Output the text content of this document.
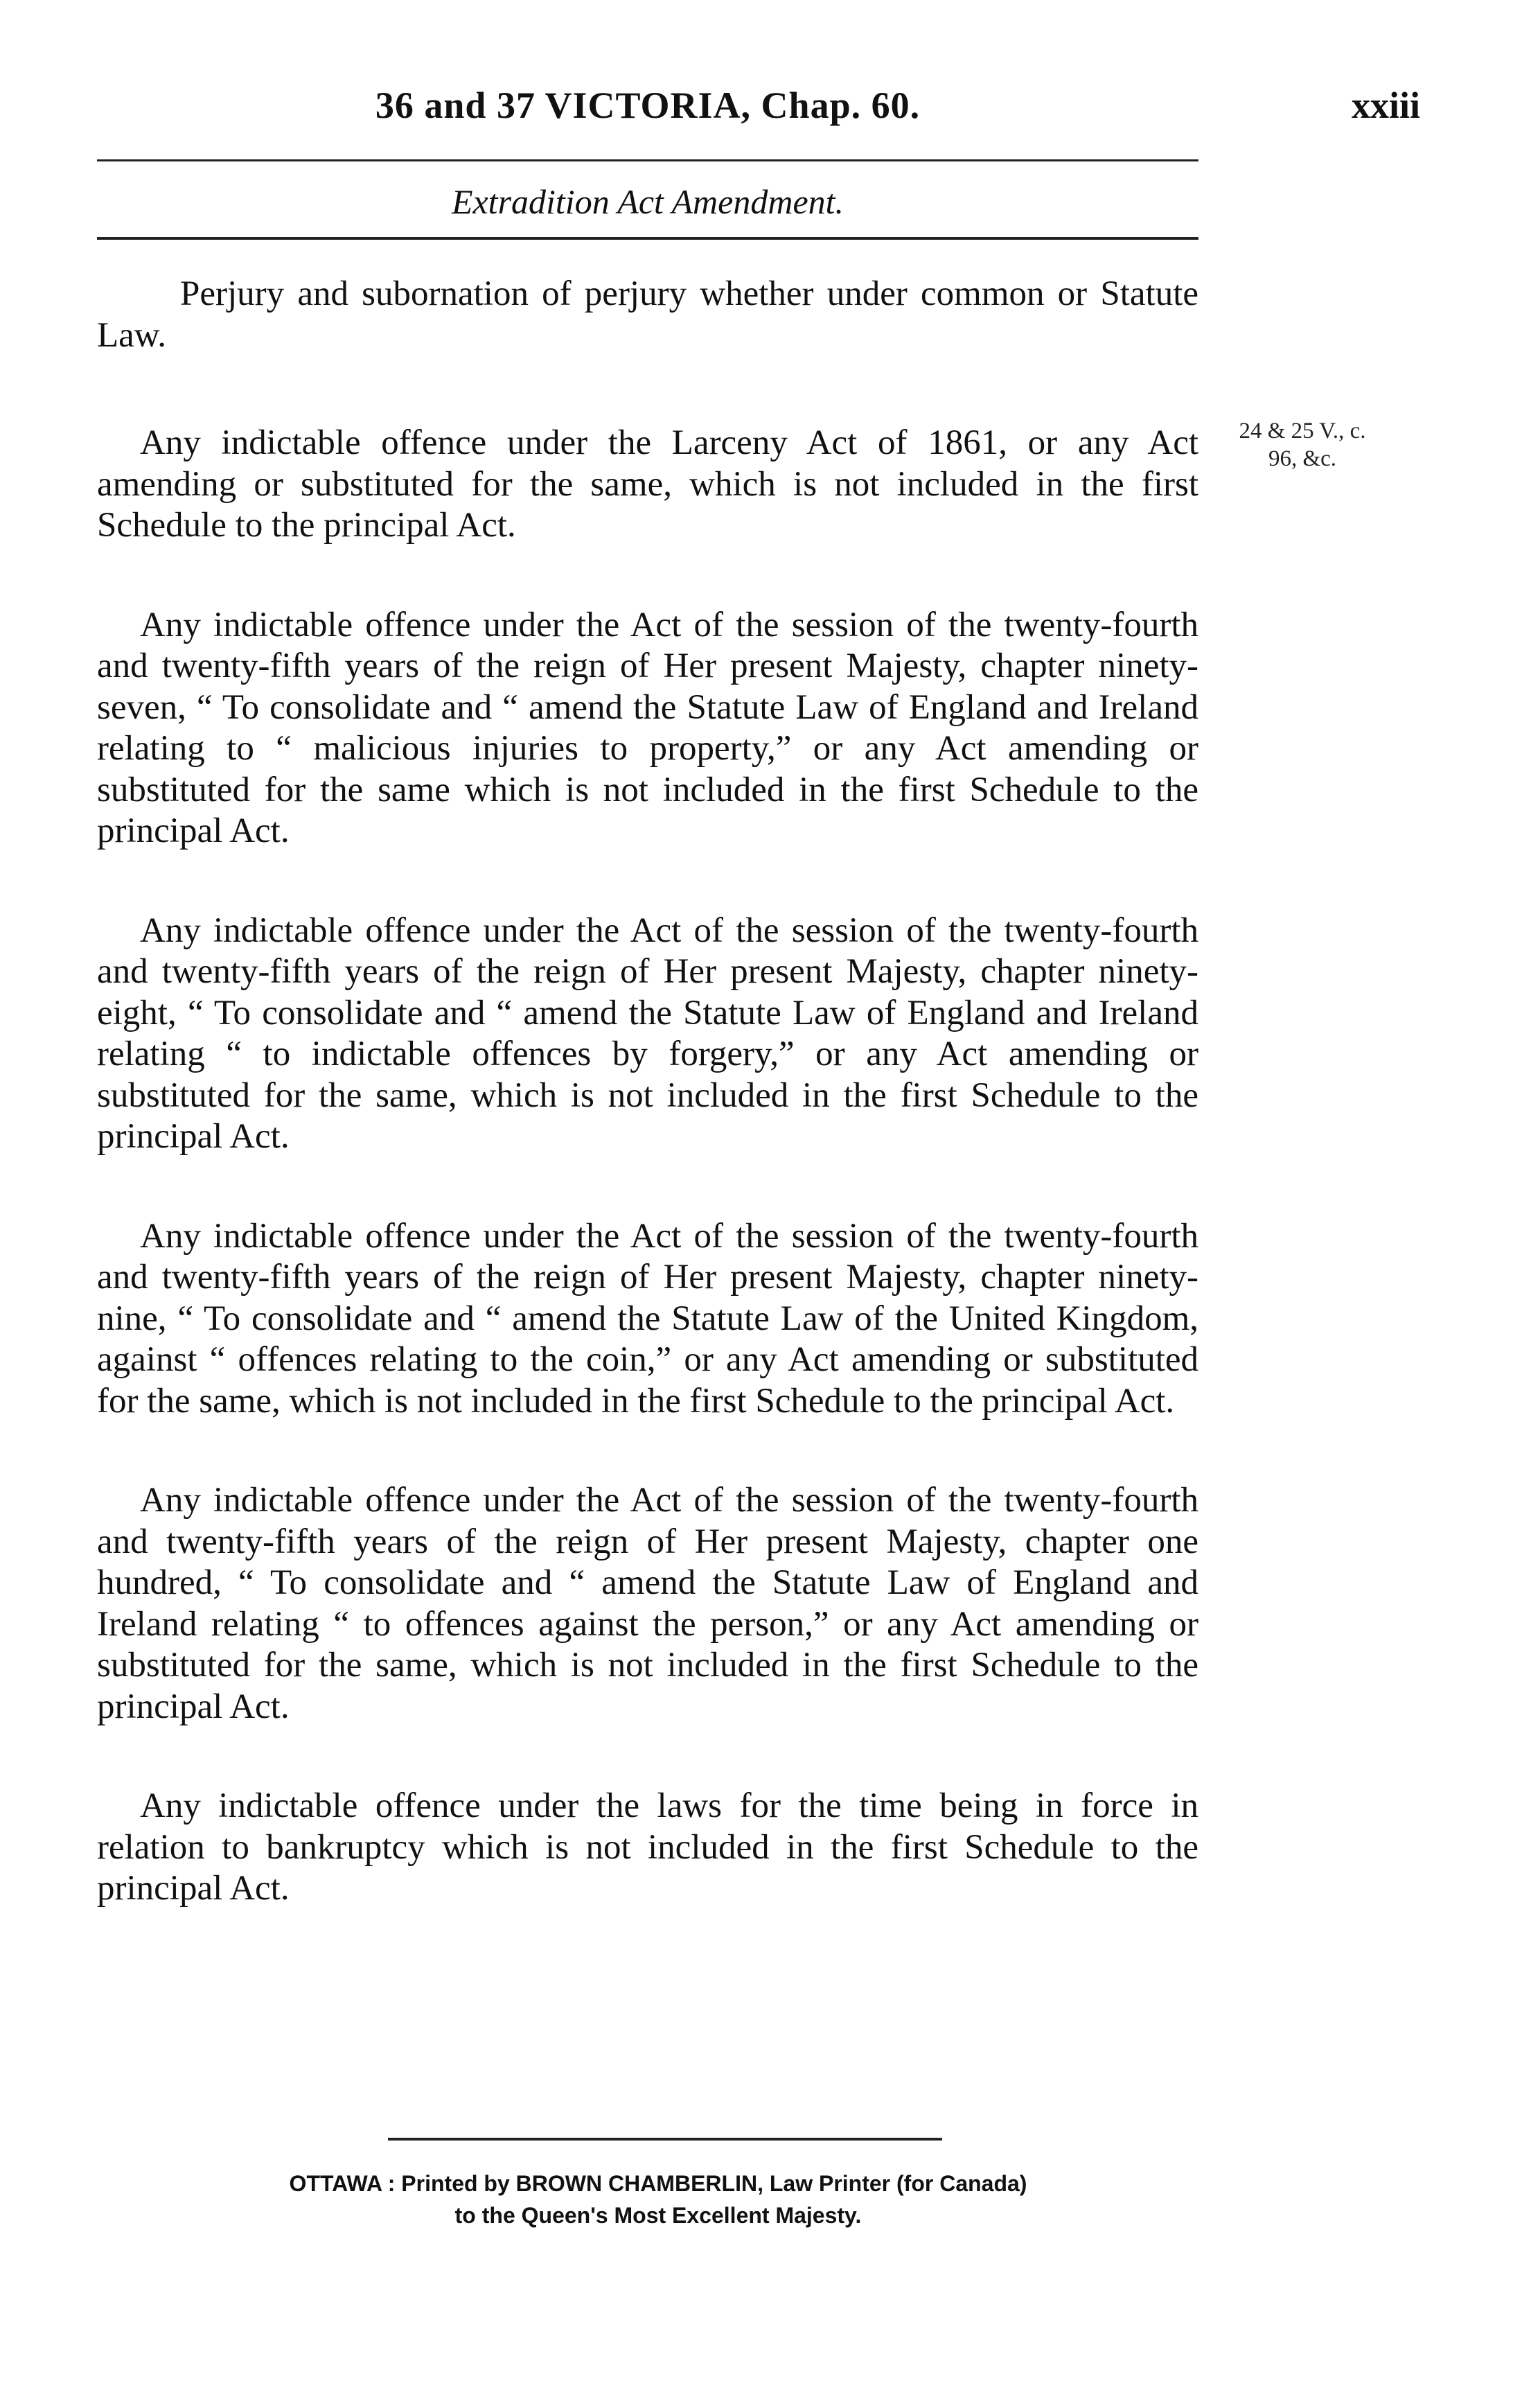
36 and 37 VICTORIA, Chap. 60.	xxiii
Extradition Act Amendment.
24 & 25 V., c. 96, &c.

Perjury and subornation of perjury whether under common or Statute Law.

Any indictable offence under the Larceny Act of 1861, or any Act amending or substituted for the same, which is not included in the first Schedule to the principal Act.

Any indictable offence under the Act of the session of the twenty-fourth and twenty-fifth years of the reign of Her present Majesty, chapter ninety-seven, “ To consolidate and “ amend the Statute Law of England and Ireland relating to “ malicious injuries to property,” or any Act amending or substituted for the same which is not included in the first Schedule to the principal Act.

Any indictable offence under the Act of the session of the twenty-fourth and twenty-fifth years of the reign of Her present Majesty, chapter ninety-eight, “ To consolidate and “ amend the Statute Law of England and Ireland relating “ to indictable offences by forgery,” or any Act amending or substituted for the same, which is not included in the first Schedule to the principal Act.

Any indictable offence under the Act of the session of the twenty-fourth and twenty-fifth years of the reign of Her present Majesty, chapter ninety-nine, “ To consolidate and “ amend the Statute Law of the United Kingdom, against “ offences relating to the coin,” or any Act amending or substituted for the same, which is not included in the first Schedule to the principal Act.

Any indictable offence under the Act of the session of the twenty-fourth and twenty-fifth years of the reign of Her present Majesty, chapter one hundred, “ To consolidate and “ amend the Statute Law of England and Ireland relating “ to offences against the person,” or any Act amending or substituted for the same, which is not included in the first Schedule to the principal Act.

Any indictable offence under the laws for the time being in force in relation to bankruptcy which is not included in the first Schedule to the principal Act.

OTTAWA : Printed by BROWN CHAMBERLIN, Law Printer (for Canada)
to the Queen's Most Excellent Majesty.
